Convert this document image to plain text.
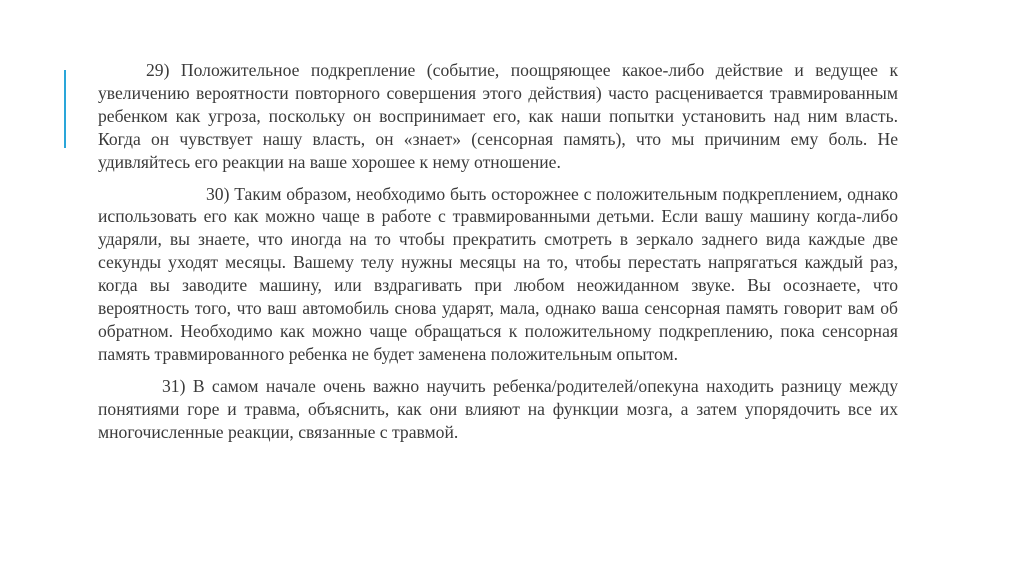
29) Положительное подкрепление (событие, поощряющее какое-либо действие и ведущее к увеличению вероятности повторного совершения этого действия) часто расценивается травмированным ребенком как угроза, поскольку он воспринимает его, как наши попытки установить над ним власть. Когда он чувствует нашу власть, он «знает» (сенсорная память), что мы причиним ему боль. Не удивляйтесь его реакции на ваше хорошее к нему отношение.

30) Таким образом, необходимо быть осторожнее с положительным подкреплением, однако использовать его как можно чаще в работе с травмированными детьми. Если вашу машину когда-либо ударяли, вы знаете, что иногда на то чтобы прекратить смотреть в зеркало заднего вида каждые две секунды уходят месяцы. Вашему телу нужны месяцы на то, чтобы перестать напрягаться каждый раз, когда вы заводите машину, или вздрагивать при любом неожиданном звуке. Вы осознаете, что вероятность того, что ваш автомобиль снова ударят, мала, однако ваша сенсорная память говорит вам об обратном. Необходимо как можно чаще обращаться к положительному подкреплению, пока сенсорная память травмированного ребенка не будет заменена положительным опытом.

31) В самом начале очень важно научить ребенка/родителей/опекуна находить разницу между понятиями горе и травма, объяснить, как они влияют на функции мозга, а затем упорядочить все их многочисленные реакции, связанные с травмой.
